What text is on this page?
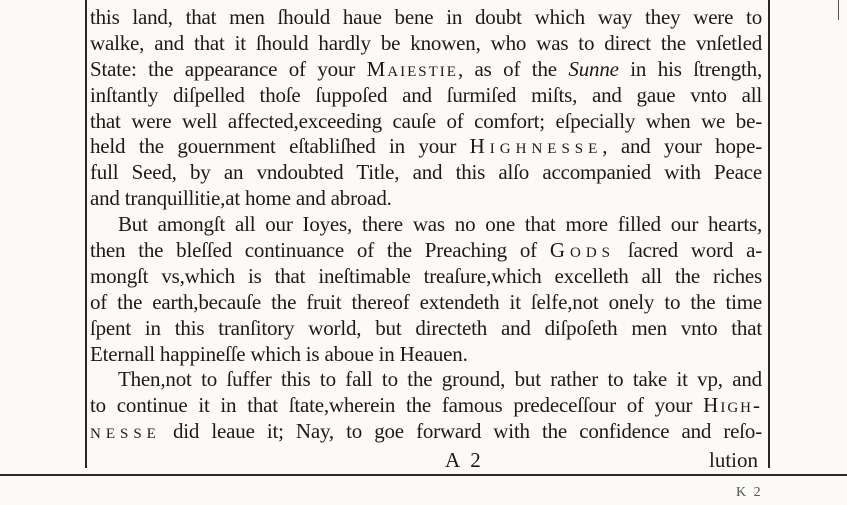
this land, that men ſhould haue bene in doubt which way they were to
walke, and that it ſhould hardly be knowen, who was to direct the vnſetled
State: the appearance of your Maiestie, as of the Sunne in his ſtrength,
inſtantly diſpelled thoſe ſuppoſed and ſurmiſed miſts, and gaue vnto all
that were well affected,exceeding cauſe of comfort; eſpecially when we be-
held the gouernment eſtabliſhed in your Highnesse, and your hope-
full Seed, by an vndoubted Title, and this alſo accompanied with Peace
and tranquillitie,at home and abroad.
But amongſt all our Ioyes, there was no one that more filled our hearts,
then the bleſſed continuance of the Preaching of Gods ſacred word a-
mongſt vs,which is that ineſtimable treaſure,which excelleth all the riches
of the earth,becauſe the fruit thereof extendeth it ſelfe,not onely to the time
ſpent in this tranſitory world, but directeth and diſpoſeth men vnto that
Eternall happineſſe which is aboue in Heauen.
Then,not to ſuffer this to fall to the ground, but rather to take it vp, and
to continue it in that ſtate,wherein the famous predeceſſour of your High-
nesse did leaue it; Nay, to goe forward with the confidence and reſo-
A 2	lution
K 2
